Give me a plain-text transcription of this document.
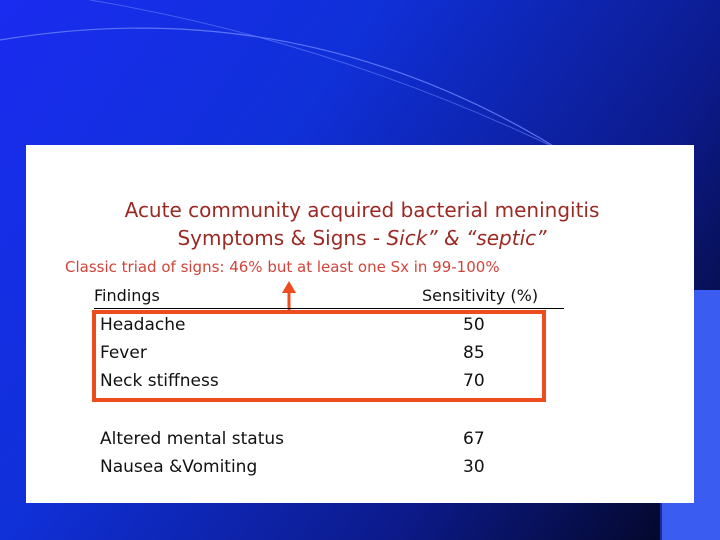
Acute community acquired bacterial meningitis
Symptoms & Signs - Sick” & “septic”
Classic triad of signs: 46% but at least one Sx in 99-100%
Findings	Sensitivity (%)
Headache	50
Fever	85
Neck stiffness	70
Altered mental status	67
Nausea &Vomiting	30
